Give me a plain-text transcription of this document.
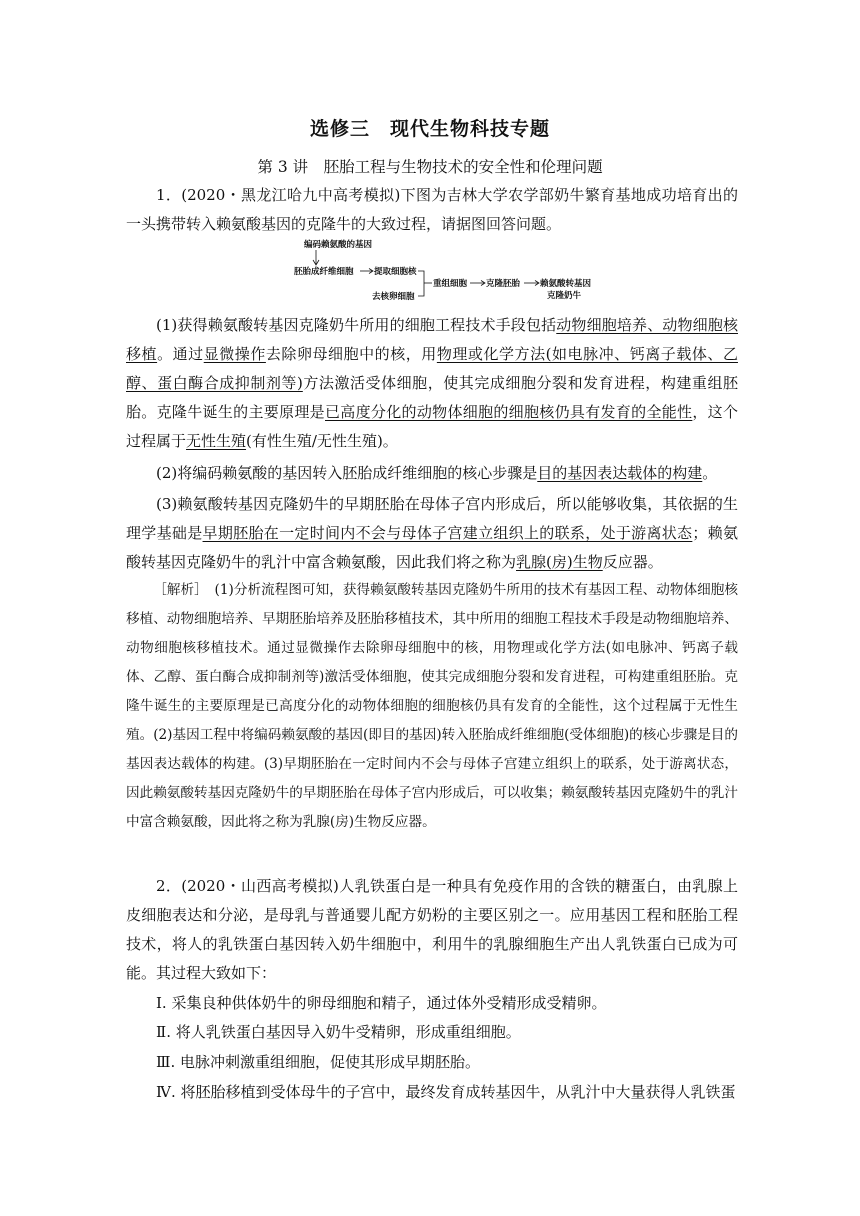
选修三　现代生物科技专题
第 3 讲　胚胎工程与生物技术的安全性和伦理问题
1．(2020・黑龙江哈九中高考模拟)下图为吉林大学农学部奶牛繁育基地成功培育出的一头携带转入赖氨酸基因的克隆牛的大致过程，请据图回答问题。
编码赖氨酸的基因
胚胎成纤维细胞 提取细胞核
去核卵细胞
重组细胞 克隆胚胎 赖氨酸转基因
克隆奶牛
(1)获得赖氨酸转基因克隆奶牛所用的细胞工程技术手段包括动物细胞培养、动物细胞核移植。通过显微操作去除卵母细胞中的核，用物理或化学方法(如电脉冲、钙离子载体、乙醇、蛋白酶合成抑制剂等)方法激活受体细胞，使其完成细胞分裂和发育进程，构建重组胚胎。克隆牛诞生的主要原理是已高度分化的动物体细胞的细胞核仍具有发育的全能性，这个过程属于无性生殖(有性生殖/无性生殖)。
(2)将编码赖氨酸的基因转入胚胎成纤维细胞的核心步骤是目的基因表达载体的构建。
(3)赖氨酸转基因克隆奶牛的早期胚胎在母体子宫内形成后，所以能够收集，其依据的生理学基础是早期胚胎在一定时间内不会与母体子宫建立组织上的联系，处于游离状态；赖氨酸转基因克隆奶牛的乳汁中富含赖氨酸，因此我们将之称为乳腺(房)生物反应器。
［解析］　(1)分析流程图可知，获得赖氨酸转基因克隆奶牛所用的技术有基因工程、动物体细胞核移植、动物细胞培养、早期胚胎培养及胚胎移植技术，其中所用的细胞工程技术手段是动物细胞培养、动物细胞核移植技术。通过显微操作去除卵母细胞中的核，用物理或化学方法(如电脉冲、钙离子载体、乙醇、蛋白酶合成抑制剂等)激活受体细胞，使其完成细胞分裂和发育进程，可构建重组胚胎。克隆牛诞生的主要原理是已高度分化的动物体细胞的细胞核仍具有发育的全能性，这个过程属于无性生殖。(2)基因工程中将编码赖氨酸的基因(即目的基因)转入胚胎成纤维细胞(受体细胞)的核心步骤是目的基因表达载体的构建。(3)早期胚胎在一定时间内不会与母体子宫建立组织上的联系，处于游离状态，因此赖氨酸转基因克隆奶牛的早期胚胎在母体子宫内形成后，可以收集；赖氨酸转基因克隆奶牛的乳汁中富含赖氨酸，因此将之称为乳腺(房)生物反应器。
2．(2020・山西高考模拟)人乳铁蛋白是一种具有免疫作用的含铁的糖蛋白，由乳腺上皮细胞表达和分泌，是母乳与普通婴儿配方奶粉的主要区别之一。应用基因工程和胚胎工程技术，将人的乳铁蛋白基因转入奶牛细胞中，利用牛的乳腺细胞生产出人乳铁蛋白已成为可能。其过程大致如下：
Ⅰ. 采集良种供体奶牛的卵母细胞和精子，通过体外受精形成受精卵。
Ⅱ. 将人乳铁蛋白基因导入奶牛受精卵，形成重组细胞。
Ⅲ. 电脉冲刺激重组细胞，促使其形成早期胚胎。
Ⅳ. 将胚胎移植到受体母牛的子宫中，最终发育成转基因牛，从乳汁中大量获得人乳铁蛋
